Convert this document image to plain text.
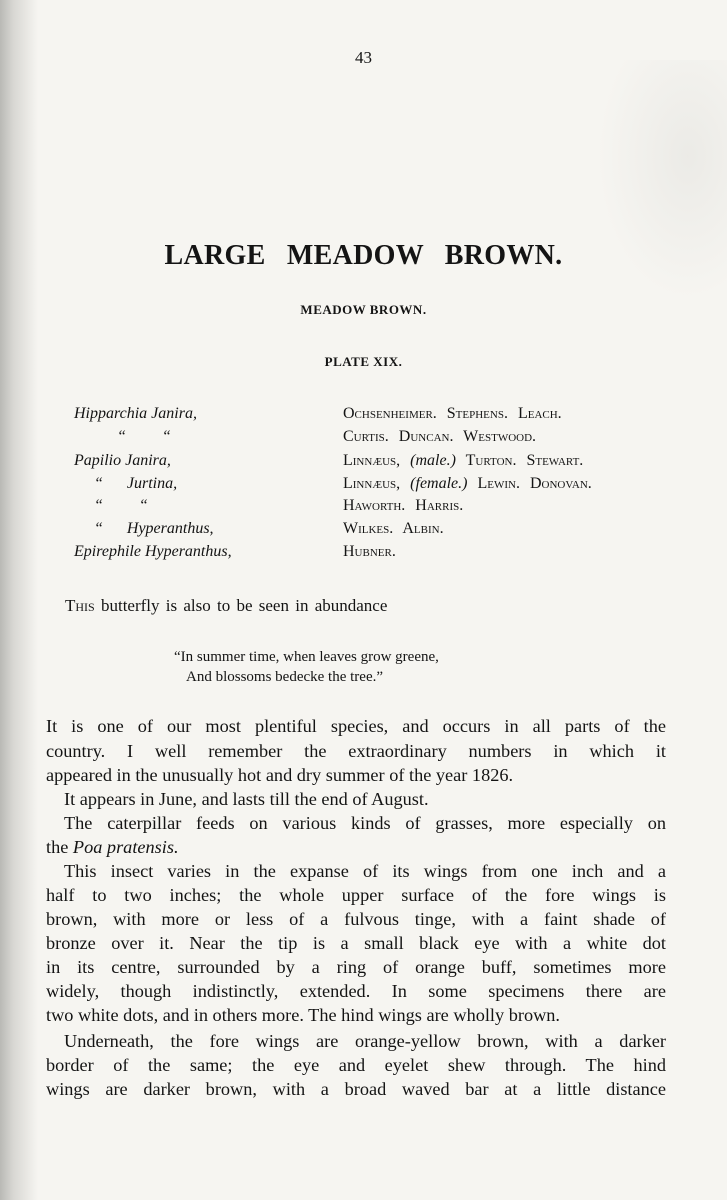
43
LARGE MEADOW BROWN.
MEADOW BROWN.
PLATE XIX.
Hipparchia Janira,	Ochsenheimer. Stephens. Leach.
“         “	Curtis. Duncan. Westwood.
Papilio Janira,	Linnæus, (male.) Turton. Stewart.
“      Jurtina,	Linnæus, (female.) Lewin. Donovan.
“         “	Haworth. Harris.
“      Hyperanthus,	Wilkes. Albin.
Epirephile Hyperanthus,	Hubner.
This butterfly is also to be seen in abundance
“In summer time, when leaves grow greene,
And blossoms bedecke the tree.”
It is one of our most plentiful species, and occurs in all parts of the
country. I well remember the extraordinary numbers in which it
appeared in the unusually hot and dry summer of the year 1826.
It appears in June, and lasts till the end of August.
The caterpillar feeds on various kinds of grasses, more especially on
the Poa pratensis.
This insect varies in the expanse of its wings from one inch and a
half to two inches; the whole upper surface of the fore wings is
brown, with more or less of a fulvous tinge, with a faint shade of
bronze over it. Near the tip is a small black eye with a white dot
in its centre, surrounded by a ring of orange buff, sometimes more
widely, though indistinctly, extended. In some specimens there are
two white dots, and in others more. The hind wings are wholly brown.
Underneath, the fore wings are orange-yellow brown, with a darker
border of the same; the eye and eyelet shew through. The hind
wings are darker brown, with a broad waved bar at a little distance
